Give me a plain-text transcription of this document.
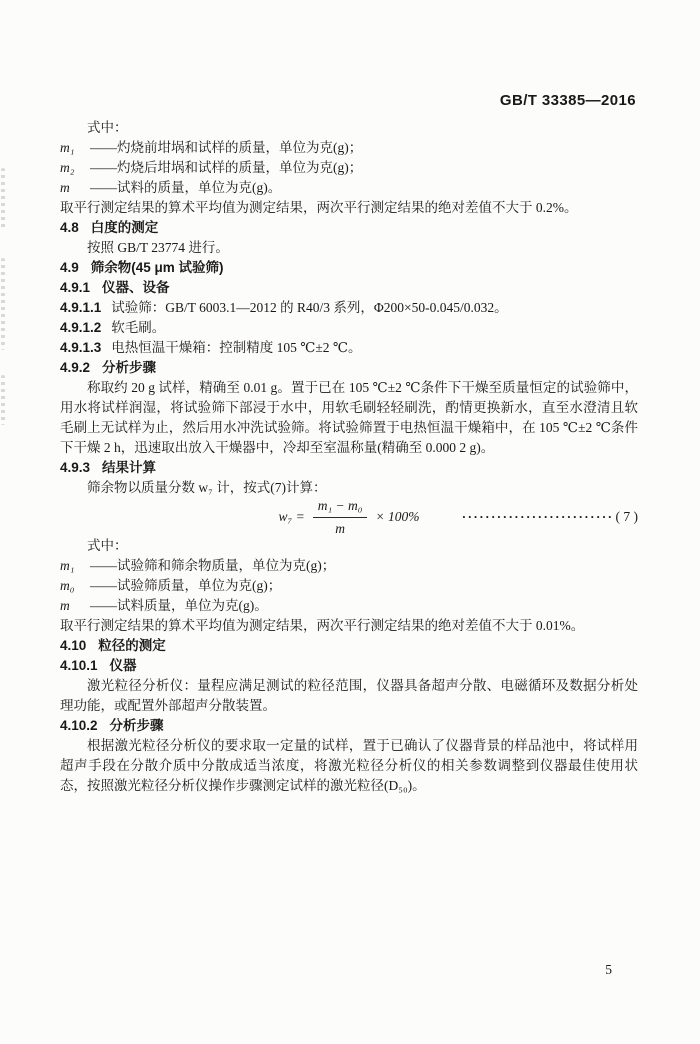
GB/T 33385—2016

式中：

m₁ ——灼烧前坩埚和试样的质量，单位为克(g)；
m₂ ——灼烧后坩埚和试样的质量，单位为克(g)；
m ——试料的质量，单位为克(g)。

取平行测定结果的算术平均值为测定结果，两次平行测定结果的绝对差值不大于 0.2%。

4.8 白度的测定

按照 GB/T 23774 进行。

4.9 筛余物(45 μm 试验筛)
4.9.1 仪器、设备
4.9.1.1 试验筛：GB/T 6003.1—2012 的 R40/3 系列，Φ200×50-0.045/0.032。
4.9.1.2 软毛刷。
4.9.1.3 电热恒温干燥箱：控制精度 105 ℃±2 ℃。
4.9.2 分析步骤

称取约 20 g 试样，精确至 0.01 g。置于已在 105 ℃±2 ℃条件下干燥至质量恒定的试验筛中，用水将试样润湿，将试验筛下部浸于水中，用软毛刷轻轻刷洗，酌情更换新水，直至水澄清且软毛刷上无试样为止，然后用水冲洗试验筛。将试验筛置于电热恒温干燥箱中，在 105 ℃±2 ℃条件下干燥 2 h，迅速取出放入干燥器中，冷却至室温称量(精确至 0.000 2 g)。

4.9.3 结果计算

筛余物以质量分数 w₇ 计，按式(7)计算：

$w_7 = \frac{\text{m₁ − m₀}}{m} \times 100\%$	·························· ( 7 )

式中：

m₁ ——试验筛和筛余物质量，单位为克(g)；
m₀ ——试验筛质量，单位为克(g)；
m ——试料质量，单位为克(g)。

取平行测定结果的算术平均值为测定结果，两次平行测定结果的绝对差值不大于 0.01%。

4.10 粒径的测定
4.10.1 仪器

激光粒径分析仪：量程应满足测试的粒径范围，仪器具备超声分散、电磁循环及数据分析处理功能，或配置外部超声分散装置。

4.10.2 分析步骤

根据激光粒径分析仪的要求取一定量的试样，置于已确认了仪器背景的样品池中，将试样用超声手段在分散介质中分散成适当浓度，将激光粒径分析仪的相关参数调整到仪器最佳使用状态，按照激光粒径分析仪操作步骤测定试样的激光粒径(D₅₀)。

5
